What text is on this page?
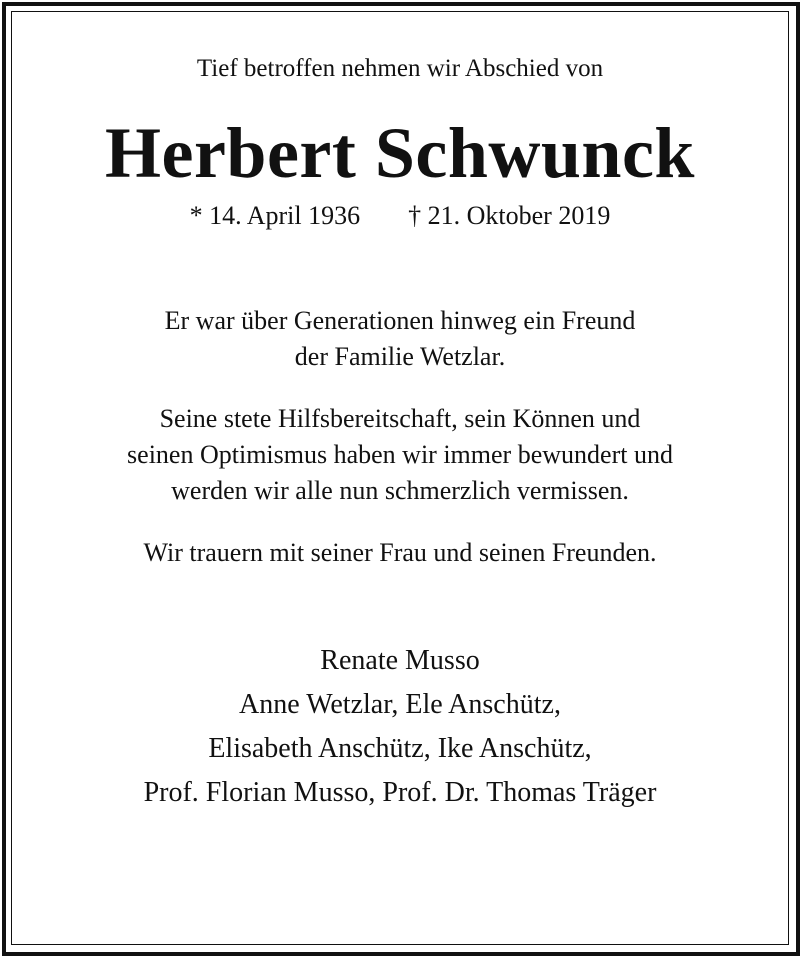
Tief betroffen nehmen wir Abschied von
Herbert Schwunck
* 14. April 1936 † 21. Oktober 2019

Er war über Generationen hinweg ein Freund

der Familie Wetzlar.

Seine stete Hilfsbereitschaft, sein Können und

seinen Optimismus haben wir immer bewundert und

werden wir alle nun schmerzlich vermissen.

Wir trauern mit seiner Frau und seinen Freunden.

Renate Musso

Anne Wetzlar, Ele Anschütz,

Elisabeth Anschütz, Ike Anschütz,

Prof. Florian Musso, Prof. Dr. Thomas Träger
